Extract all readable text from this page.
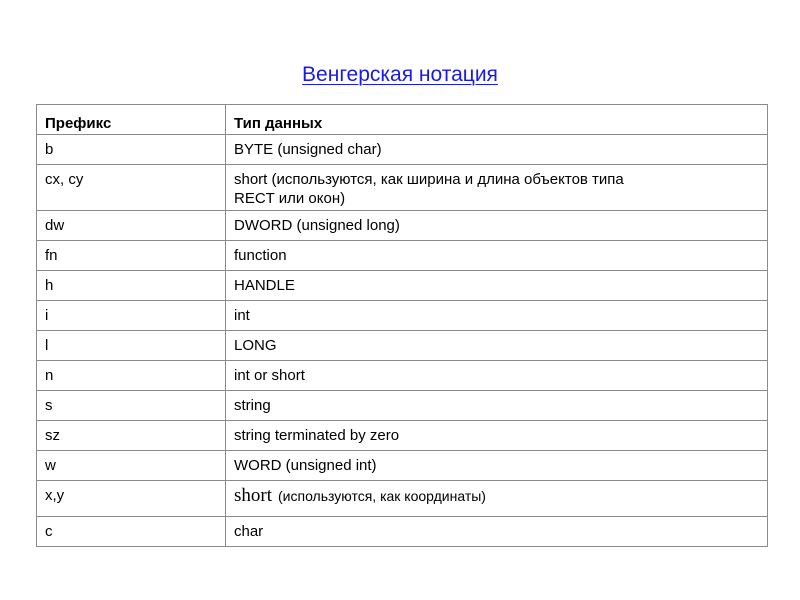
Венгерская нотация
Префикс	Тип данных
b	BYTE (unsigned char)
cx, cy	short (используются, как ширина и длина объектов типа
RECT или окон)

dw	DWORD (unsigned long)
fn	function
h	HANDLE
i	int
l	LONG
n	int or short
s	string
sz	string terminated by zero
w	WORD (unsigned int)
x,y	short (используются, как координаты)
c	char
